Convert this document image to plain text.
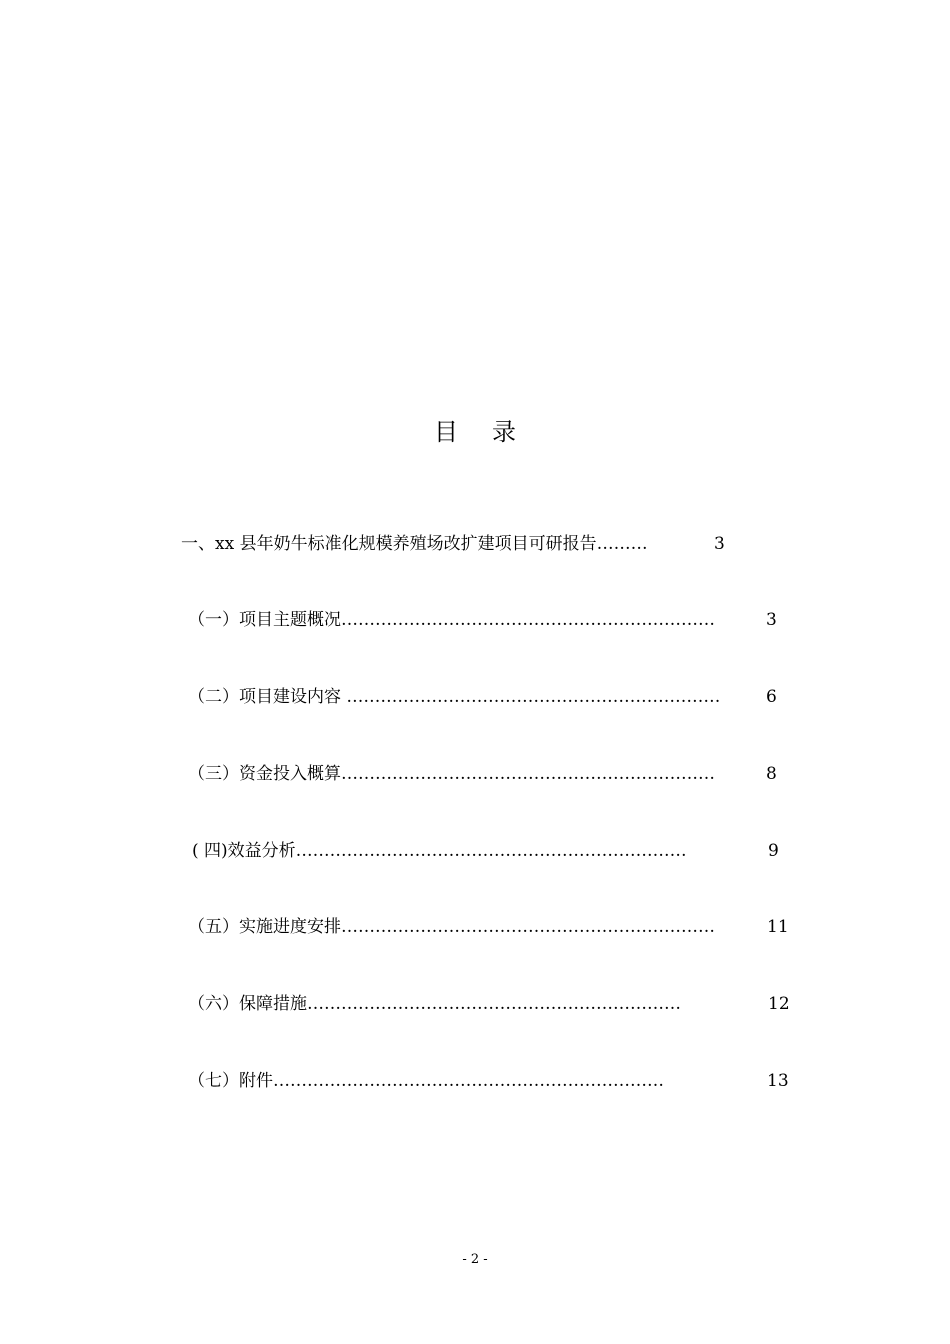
目录
一、xx 县年奶牛标准化规模养殖场改扩建项目可研报告………	3
（一）项目主题概况…………………………………………………………	3
（二）项目建设内容 …………………………………………………………	6
（三）资金投入概算…………………………………………………………	8
( 四)效益分析……………………………………………………………	9
（五）实施进度安排…………………………………………………………	11
（六）保障措施…………………………………………………………	12
（七）附件……………………………………………………………	13
- 2 -
